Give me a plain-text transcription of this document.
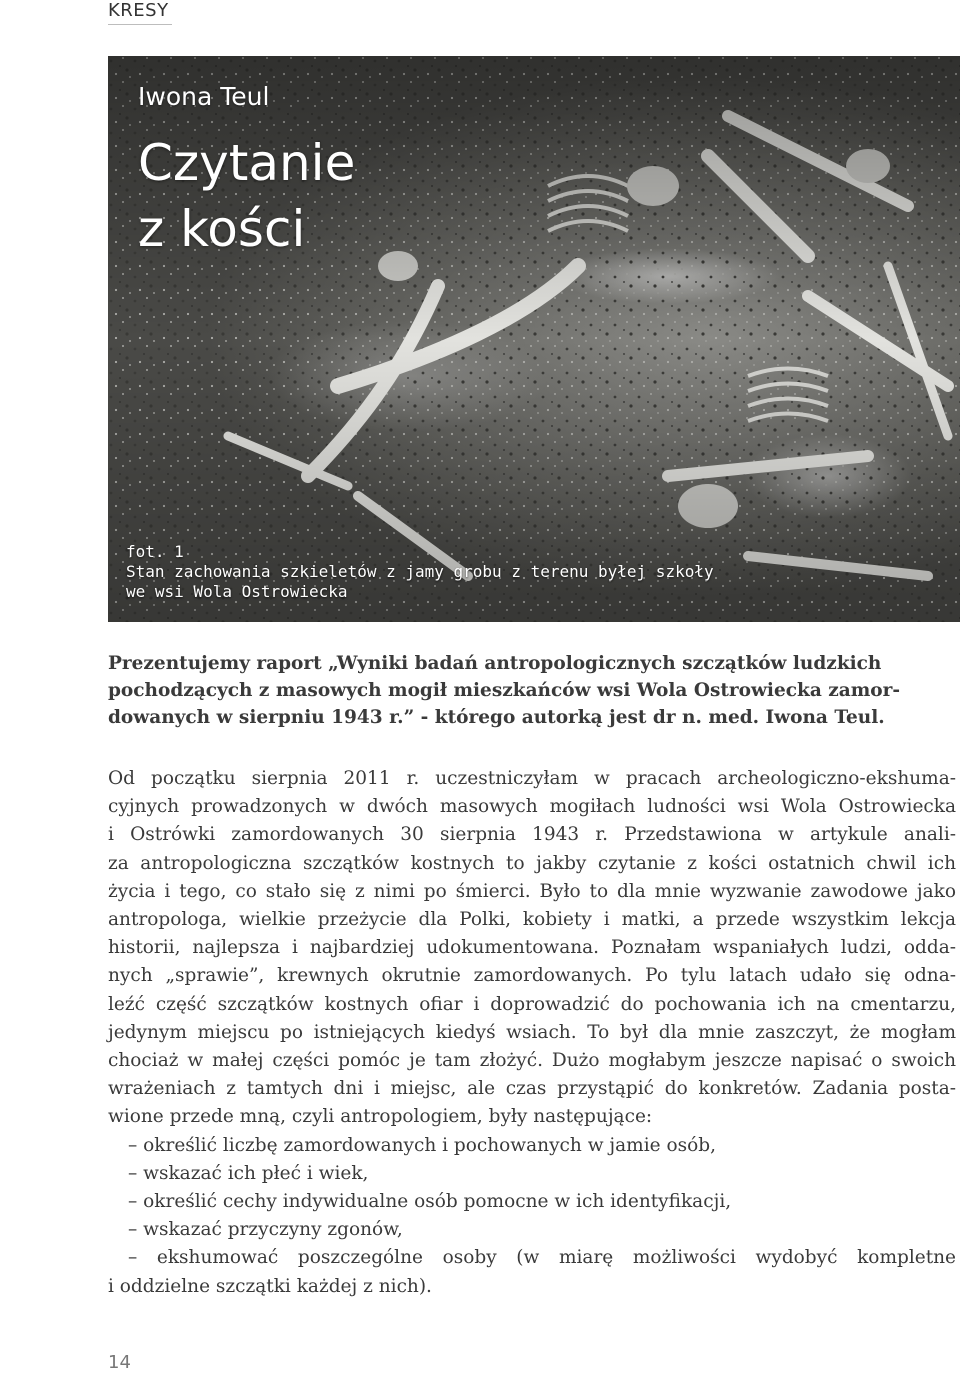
KRESY
Iwona Teul
Czytanie
z kości
fot. 1
Stan zachowania szkieletów z jamy grobu z terenu byłej szkoły
we wsi Wola Ostrowiecka
Prezentujemy raport „Wyniki badań antropologicznych szczątków ludzkich
pochodzących z masowych mogił mieszkańców wsi Wola Ostrowiecka zamor-
dowanych w sierpniu 1943 r.” - którego autorką jest dr n. med. Iwona Teul.
Od początku sierpnia 2011 r. uczestniczyłam w pracach archeologiczno-ekshuma-
cyjnych prowadzonych w dwóch masowych mogiłach ludności wsi Wola Ostrowiecka
i Ostrówki zamordowanych 30 sierpnia 1943 r. Przedstawiona w artykule anali-
za antropologiczna szczątków kostnych to jakby czytanie z kości ostatnich chwil ich
życia i tego, co stało się z nimi po śmierci. Było to dla mnie wyzwanie zawodowe jako
antropologa, wielkie przeżycie dla Polki, kobiety i matki, a przede wszystkim lekcja
historii, najlepsza i najbardziej udokumentowana. Poznałam wspaniałych ludzi, odda-
nych „sprawie”, krewnych okrutnie zamordowanych. Po tylu latach udało się odna-
leźć część szczątków kostnych ofiar i doprowadzić do pochowania ich na cmentarzu,
jedynym miejscu po istniejących kiedyś wsiach. To był dla mnie zaszczyt, że mogłam
chociaż w małej części pomóc je tam złożyć. Dużo mogłabym jeszcze napisać o swoich
wrażeniach z tamtych dni i miejsc, ale czas przystąpić do konkretów. Zadania posta-
wione przede mną, czyli antropologiem, były następujące:
– określić liczbę zamordowanych i pochowanych w jamie osób,
– wskazać ich płeć i wiek,
– określić cechy indywidualne osób pomocne w ich identyfikacji,
– wskazać przyczyny zgonów,
– ekshumować poszczególne osoby (w miarę możliwości wydobyć kompletne
i oddzielne szczątki każdej z nich).
14
